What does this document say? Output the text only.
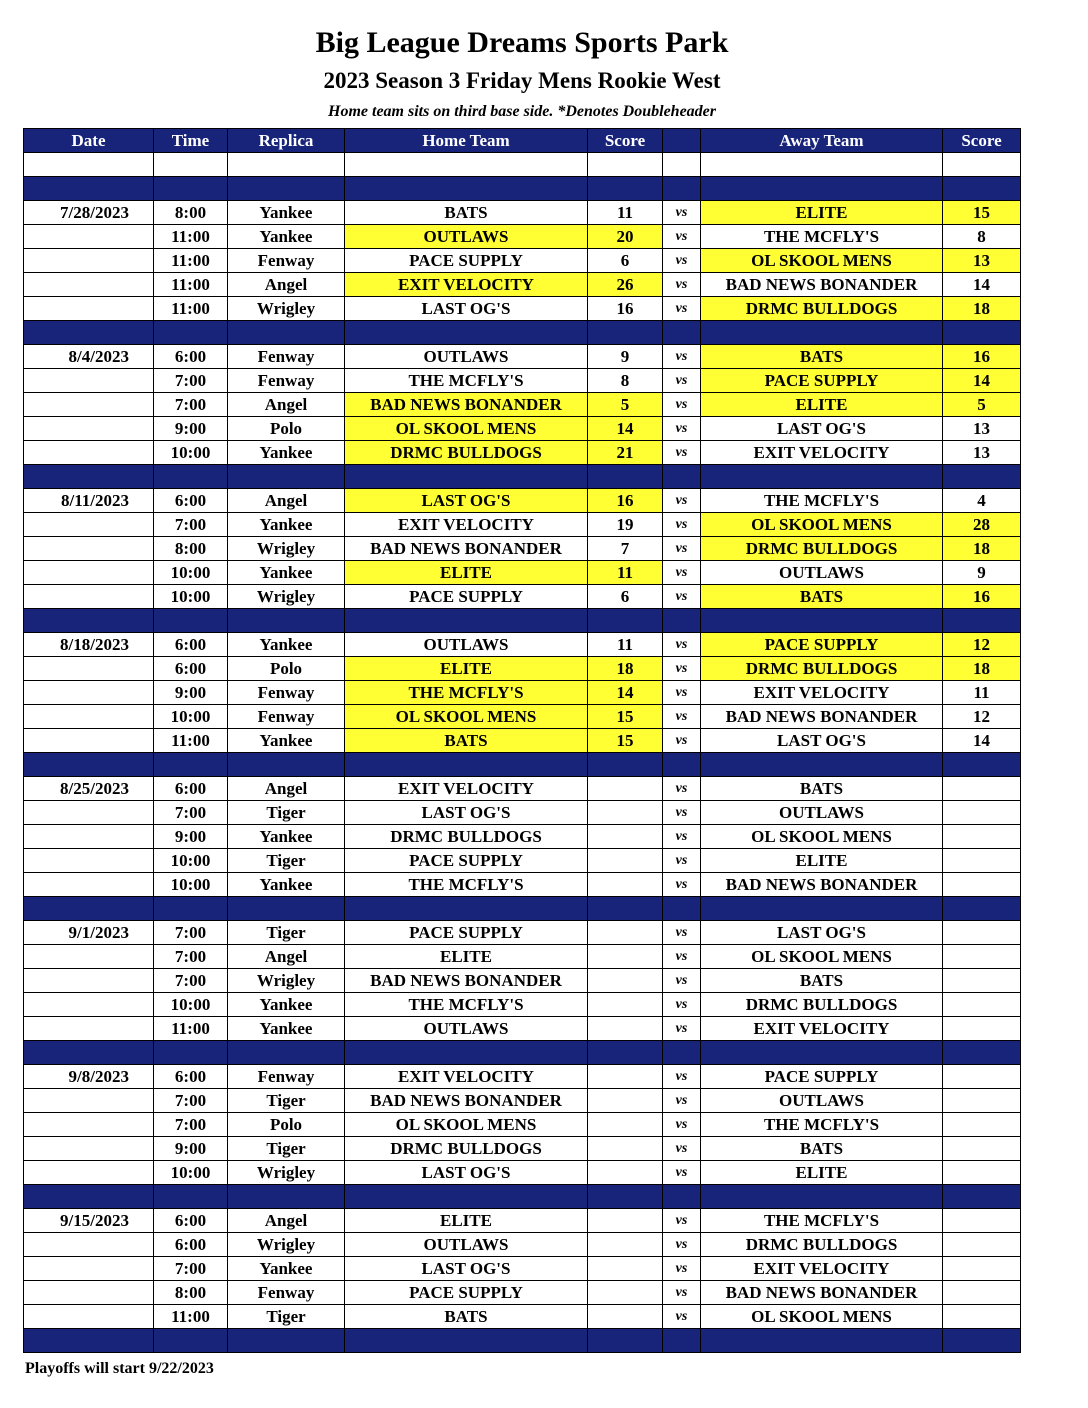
Big League Dreams Sports Park
2023 Season 3 Friday Mens Rookie West
Home team sits on third base side. *Denotes Doubleheader
Date	Time	Replica	Home Team	Score		Away Team	Score

7/28/2023	8:00	Yankee	BATS	11	vs	ELITE	15
	11:00	Yankee	OUTLAWS	20	vs	THE MCFLY'S	8
	11:00	Fenway	PACE SUPPLY	6	vs	OL SKOOL MENS	13
	11:00	Angel	EXIT VELOCITY	26	vs	BAD NEWS BONANDER	14
	11:00	Wrigley	LAST OG'S	16	vs	DRMC BULLDOGS	18

8/4/2023	6:00	Fenway	OUTLAWS	9	vs	BATS	16
	7:00	Fenway	THE MCFLY'S	8	vs	PACE SUPPLY	14
	7:00	Angel	BAD NEWS BONANDER	5	vs	ELITE	5
	9:00	Polo	OL SKOOL MENS	14	vs	LAST OG'S	13
	10:00	Yankee	DRMC BULLDOGS	21	vs	EXIT VELOCITY	13

8/11/2023	6:00	Angel	LAST OG'S	16	vs	THE MCFLY'S	4
	7:00	Yankee	EXIT VELOCITY	19	vs	OL SKOOL MENS	28
	8:00	Wrigley	BAD NEWS BONANDER	7	vs	DRMC BULLDOGS	18
	10:00	Yankee	ELITE	11	vs	OUTLAWS	9
	10:00	Wrigley	PACE SUPPLY	6	vs	BATS	16

8/18/2023	6:00	Yankee	OUTLAWS	11	vs	PACE SUPPLY	12
	6:00	Polo	ELITE	18	vs	DRMC BULLDOGS	18
	9:00	Fenway	THE MCFLY'S	14	vs	EXIT VELOCITY	11
	10:00	Fenway	OL SKOOL MENS	15	vs	BAD NEWS BONANDER	12
	11:00	Yankee	BATS	15	vs	LAST OG'S	14

8/25/2023	6:00	Angel	EXIT VELOCITY		vs	BATS	
	7:00	Tiger	LAST OG'S		vs	OUTLAWS	
	9:00	Yankee	DRMC BULLDOGS		vs	OL SKOOL MENS	
	10:00	Tiger	PACE SUPPLY		vs	ELITE	
	10:00	Yankee	THE MCFLY'S		vs	BAD NEWS BONANDER	

9/1/2023	7:00	Tiger	PACE SUPPLY		vs	LAST OG'S	
	7:00	Angel	ELITE		vs	OL SKOOL MENS	
	7:00	Wrigley	BAD NEWS BONANDER		vs	BATS	
	10:00	Yankee	THE MCFLY'S		vs	DRMC BULLDOGS	
	11:00	Yankee	OUTLAWS		vs	EXIT VELOCITY	

9/8/2023	6:00	Fenway	EXIT VELOCITY		vs	PACE SUPPLY	
	7:00	Tiger	BAD NEWS BONANDER		vs	OUTLAWS	
	7:00	Polo	OL SKOOL MENS		vs	THE MCFLY'S	
	9:00	Tiger	DRMC BULLDOGS		vs	BATS	
	10:00	Wrigley	LAST OG'S		vs	ELITE	

9/15/2023	6:00	Angel	ELITE		vs	THE MCFLY'S	
	6:00	Wrigley	OUTLAWS		vs	DRMC BULLDOGS	
	7:00	Yankee	LAST OG'S		vs	EXIT VELOCITY	
	8:00	Fenway	PACE SUPPLY		vs	BAD NEWS BONANDER	
	11:00	Tiger	BATS		vs	OL SKOOL MENS	

Playoffs will start 9/22/2023
